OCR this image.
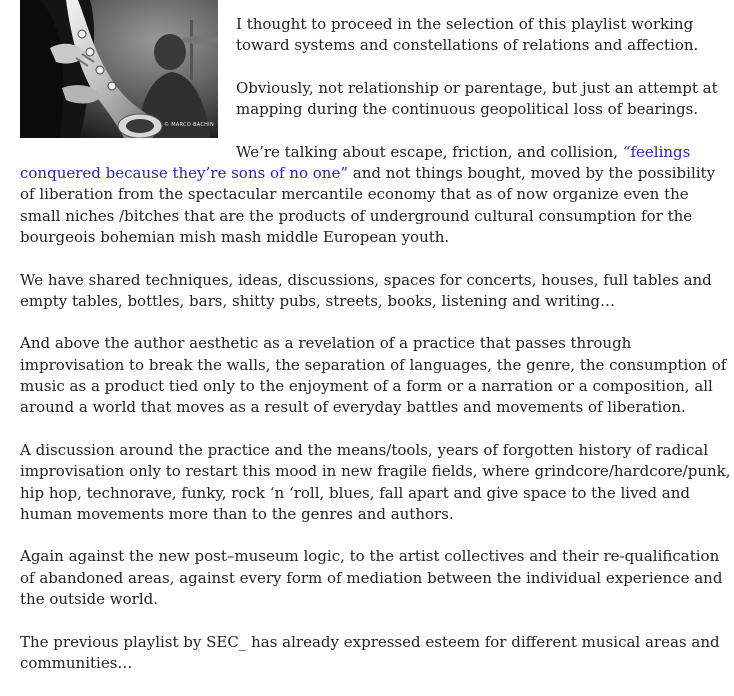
© MARCO BACHIN

I thought to proceed in the selection of this playlist working toward systems and constellations of relations and affection.

Obviously, not relationship or parentage, but just an attempt at mapping during the continuous geopolitical loss of bearings.

We’re talking about escape, friction, and collision, “feelings conquered because they’re sons of no one” and not things bought, moved by the possibility of liberation from the spectacular mercantile economy that as of now organize even the small niches /bitches that are the products of underground cultural consumption for the bourgeois bohemian mish mash middle European youth.

We have shared techniques, ideas, discussions, spaces for concerts, houses, full tables and empty tables, bottles, bars, shitty pubs, streets, books, listening and writing…

And above the author aesthetic as a revelation of a practice that passes through improvisation to break the walls, the separation of languages, the genre, the consumption of music as a product tied only to the enjoyment of a form or a narration or a composition, all around a world that moves as a result of everyday battles and movements of liberation.

A discussion around the practice and the means/tools, years of forgotten history of radical improvisation only to restart this mood in new fragile fields, where grindcore/hardcore/punk, hip hop, technorave, funky, rock ‘n ‘roll, blues, fall apart and give space to the lived and human movements more than to the genres and authors.

Again against the new post–museum logic, to the artist collectives and their re-qualification of abandoned areas, against every form of mediation between the individual experience and the outside world.

The previous playlist by SEC_ has already expressed esteem for different musical areas and communities…
